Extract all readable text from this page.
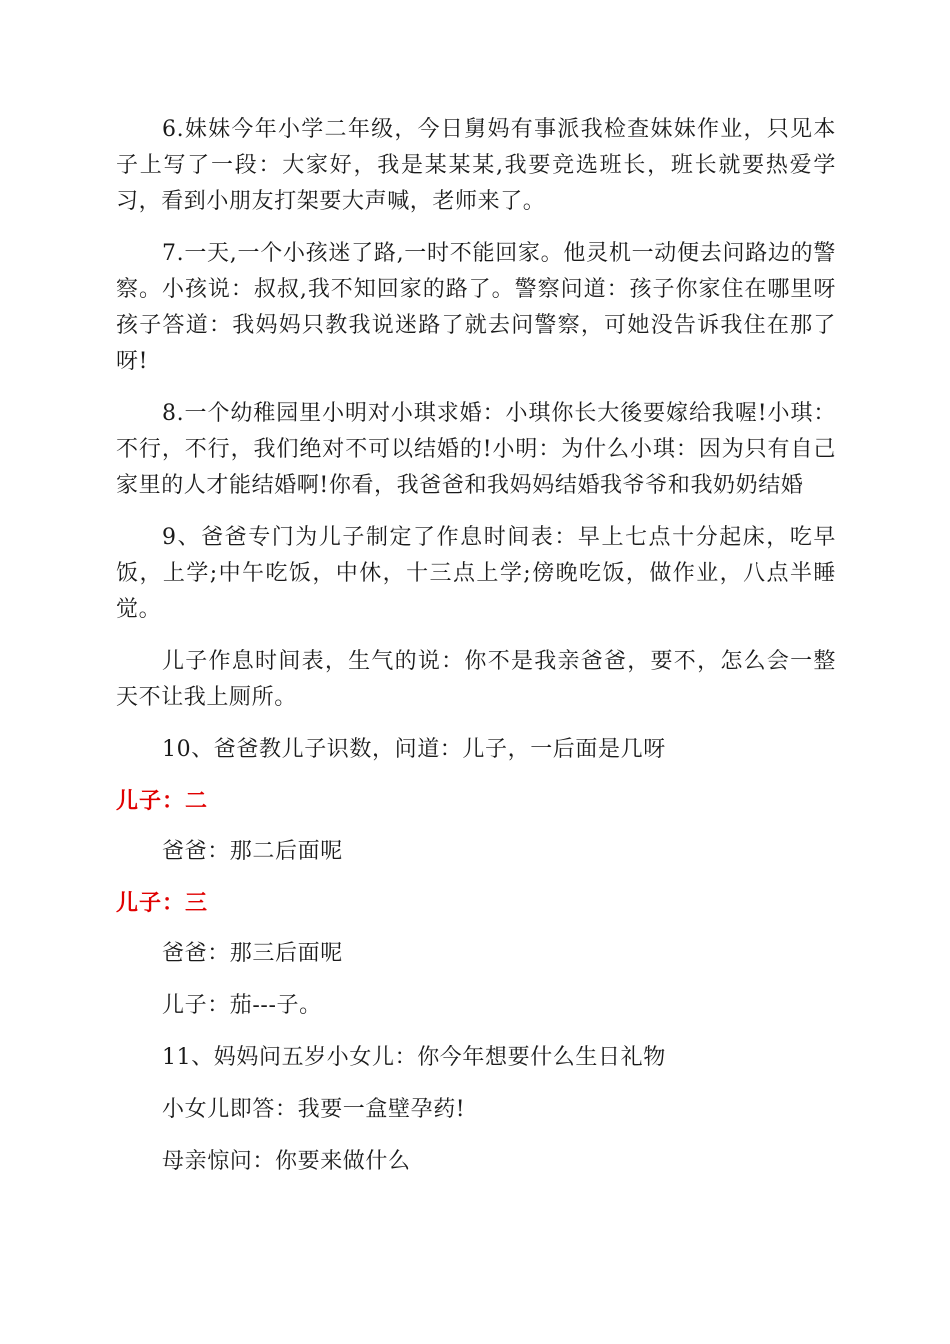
6.妹妹今年小学二年级，今日舅妈有事派我检查妹妹作业，只见本子上写了一段：大家好，我是某某某,我要竞选班长，班长就要热爱学习，看到小朋友打架要大声喊，老师来了。

7.一天,一个小孩迷了路,一时不能回家。他灵机一动便去问路边的警察。小孩说：叔叔,我不知回家的路了。警察问道：孩子你家住在哪里呀孩子答道：我妈妈只教我说迷路了就去问警察，可她没告诉我住在那了呀!

8.一个幼稚园里小明对小琪求婚：小琪你长大後要嫁给我喔!小琪：不行，不行，我们绝对不可以结婚的!小明：为什么小琪：因为只有自己家里的人才能结婚啊!你看，我爸爸和我妈妈结婚我爷爷和我奶奶结婚

9、爸爸专门为儿子制定了作息时间表：早上七点十分起床，吃早饭，上学;中午吃饭，中休，十三点上学;傍晚吃饭，做作业，八点半睡觉。

儿子作息时间表，生气的说：你不是我亲爸爸，要不，怎么会一整天不让我上厕所。

10、爸爸教儿子识数，问道：儿子，一后面是几呀

儿子：二

爸爸：那二后面呢

儿子：三

爸爸：那三后面呢

儿子：茄---子。

11、妈妈问五岁小女儿：你今年想要什么生日礼物

小女儿即答：我要一盒壁孕药!

母亲惊问：你要来做什么
